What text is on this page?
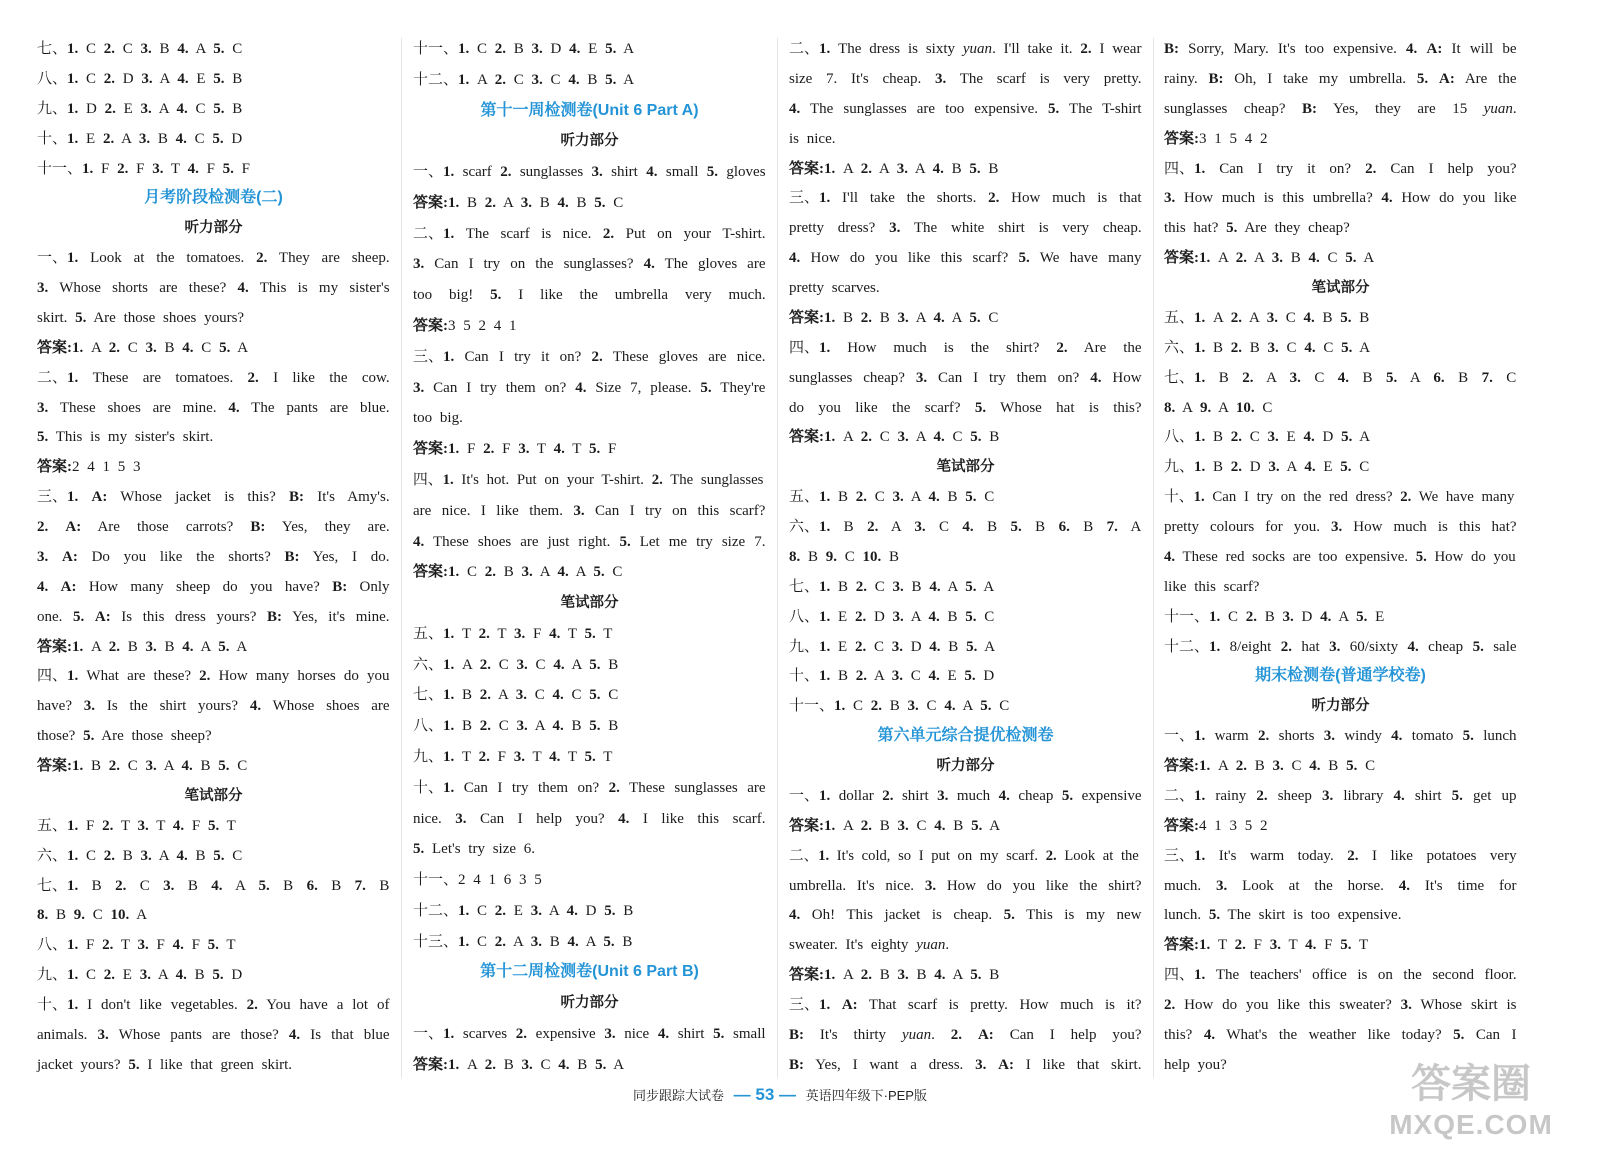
七、1. C 2. C 3. B 4. A 5. C
八、1. C 2. D 3. A 4. E 5. B
九、1. D 2. E 3. A 4. C 5. B
十、1. E 2. A 3. B 4. C 5. D
十一、1. F 2. F 3. T 4. F 5. F
月考阶段检测卷(二)
听力部分
一、1. Look at the tomatoes. 2. They are sheep.
3. Whose shorts are these? 4. This is my sister's
skirt. 5. Are those shoes yours?
答案:1. A 2. C 3. B 4. C 5. A
二、1. These are tomatoes. 2. I like the cow.
3. These shoes are mine. 4. The pants are blue.
5. This is my sister's skirt.
答案:2 4 1 5 3
三、1. A: Whose jacket is this? B: It's Amy's.
2. A: Are those carrots? B: Yes, they are.
3. A: Do you like the shorts? B: Yes, I do.
4. A: How many sheep do you have? B: Only
one. 5. A: Is this dress yours? B: Yes, it's mine.
答案:1. A 2. B 3. B 4. A 5. A
四、1. What are these? 2. How many horses do you
have? 3. Is the shirt yours? 4. Whose shoes are
those? 5. Are those sheep?
答案:1. B 2. C 3. A 4. B 5. C
笔试部分
五、1. F 2. T 3. T 4. F 5. T
六、1. C 2. B 3. A 4. B 5. C
七、1. B 2. C 3. B 4. A 5. B 6. B 7. B
8. B 9. C 10. A
八、1. F 2. T 3. F 4. F 5. T
九、1. C 2. E 3. A 4. B 5. D
十、1. I don't like vegetables. 2. You have a lot of
animals. 3. Whose pants are those? 4. Is that blue
jacket yours? 5. I like that green skirt.
十一、1. C 2. B 3. D 4. E 5. A
十二、1. A 2. C 3. C 4. B 5. A
第十一周检测卷(Unit 6 Part A)
听力部分
一、1. scarf 2. sunglasses 3. shirt 4. small 5. gloves
答案:1. B 2. A 3. B 4. B 5. C
二、1. The scarf is nice. 2. Put on your T-shirt.
3. Can I try on the sunglasses? 4. The gloves are
too big! 5. I like the umbrella very much.
答案:3 5 2 4 1
三、1. Can I try it on? 2. These gloves are nice.
3. Can I try them on? 4. Size 7, please. 5. They're
too big.
答案:1. F 2. F 3. T 4. T 5. F
四、1. It's hot. Put on your T-shirt. 2. The sunglasses
are nice. I like them. 3. Can I try on this scarf?
4. These shoes are just right. 5. Let me try size 7.
答案:1. C 2. B 3. A 4. A 5. C
笔试部分
五、1. T 2. T 3. F 4. T 5. T
六、1. A 2. C 3. C 4. A 5. B
七、1. B 2. A 3. C 4. C 5. C
八、1. B 2. C 3. A 4. B 5. B
九、1. T 2. F 3. T 4. T 5. T
十、1. Can I try them on? 2. These sunglasses are
nice. 3. Can I help you? 4. I like this scarf.
5. Let's try size 6.
十一、2 4 1 6 3 5
十二、1. C 2. E 3. A 4. D 5. B
十三、1. C 2. A 3. B 4. A 5. B
第十二周检测卷(Unit 6 Part B)
听力部分
一、1. scarves 2. expensive 3. nice 4. shirt 5. small
答案:1. A 2. B 3. C 4. B 5. A
二、1. The dress is sixty yuan. I'll take it. 2. I wear
size 7. It's cheap. 3. The scarf is very pretty.
4. The sunglasses are too expensive. 5. The T-shirt
is nice.
答案:1. A 2. A 3. A 4. B 5. B
三、1. I'll take the shorts. 2. How much is that
pretty dress? 3. The white shirt is very cheap.
4. How do you like this scarf? 5. We have many
pretty scarves.
答案:1. B 2. B 3. A 4. A 5. C
四、1. How much is the shirt? 2. Are the
sunglasses cheap? 3. Can I try them on? 4. How
do you like the scarf? 5. Whose hat is this?
答案:1. A 2. C 3. A 4. C 5. B
笔试部分
五、1. B 2. C 3. A 4. B 5. C
六、1. B 2. A 3. C 4. B 5. B 6. B 7. A
8. B 9. C 10. B
七、1. B 2. C 3. B 4. A 5. A
八、1. E 2. D 3. A 4. B 5. C
九、1. E 2. C 3. D 4. B 5. A
十、1. B 2. A 3. C 4. E 5. D
十一、1. C 2. B 3. C 4. A 5. C
第六单元综合提优检测卷
听力部分
一、1. dollar 2. shirt 3. much 4. cheap 5. expensive
答案:1. A 2. B 3. C 4. B 5. A
二、1. It's cold, so I put on my scarf. 2. Look at the
umbrella. It's nice. 3. How do you like the shirt?
4. Oh! This jacket is cheap. 5. This is my new
sweater. It's eighty yuan.
答案:1. A 2. B 3. B 4. A 5. B
三、1. A: That scarf is pretty. How much is it?
B: It's thirty yuan. 2. A: Can I help you?
B: Yes, I want a dress. 3. A: I like that skirt.
B: Sorry, Mary. It's too expensive. 4. A: It will be
rainy. B: Oh, I take my umbrella. 5. A: Are the
sunglasses cheap? B: Yes, they are 15 yuan.
答案:3 1 5 4 2
四、1. Can I try it on? 2. Can I help you?
3. How much is this umbrella? 4. How do you like
this hat? 5. Are they cheap?
答案:1. A 2. A 3. B 4. C 5. A
笔试部分
五、1. A 2. A 3. C 4. B 5. B
六、1. B 2. B 3. C 4. C 5. A
七、1. B 2. A 3. C 4. B 5. A 6. B 7. C
8. A 9. A 10. C
八、1. B 2. C 3. E 4. D 5. A
九、1. B 2. D 3. A 4. E 5. C
十、1. Can I try on the red dress? 2. We have many
pretty colours for you. 3. How much is this hat?
4. These red socks are too expensive. 5. How do you
like this scarf?
十一、1. C 2. B 3. D 4. A 5. E
十二、1. 8/eight 2. hat 3. 60/sixty 4. cheap 5. sale
期末检测卷(普通学校卷)
听力部分
一、1. warm 2. shorts 3. windy 4. tomato 5. lunch
答案:1. A 2. B 3. C 4. B 5. C
二、1. rainy 2. sheep 3. library 4. shirt 5. get up
答案:4 1 3 5 2
三、1. It's warm today. 2. I like potatoes very
much. 3. Look at the horse. 4. It's time for
lunch. 5. The skirt is too expensive.
答案:1. T 2. F 3. T 4. F 5. T
四、1. The teachers' office is on the second floor.
2. How do you like this sweater? 3. Whose skirt is
this? 4. What's the weather like today? 5. Can I
help you?
同步跟踪大试卷 — 53 — 英语四年级下·PEP版	答案圈
MXQE.COM
